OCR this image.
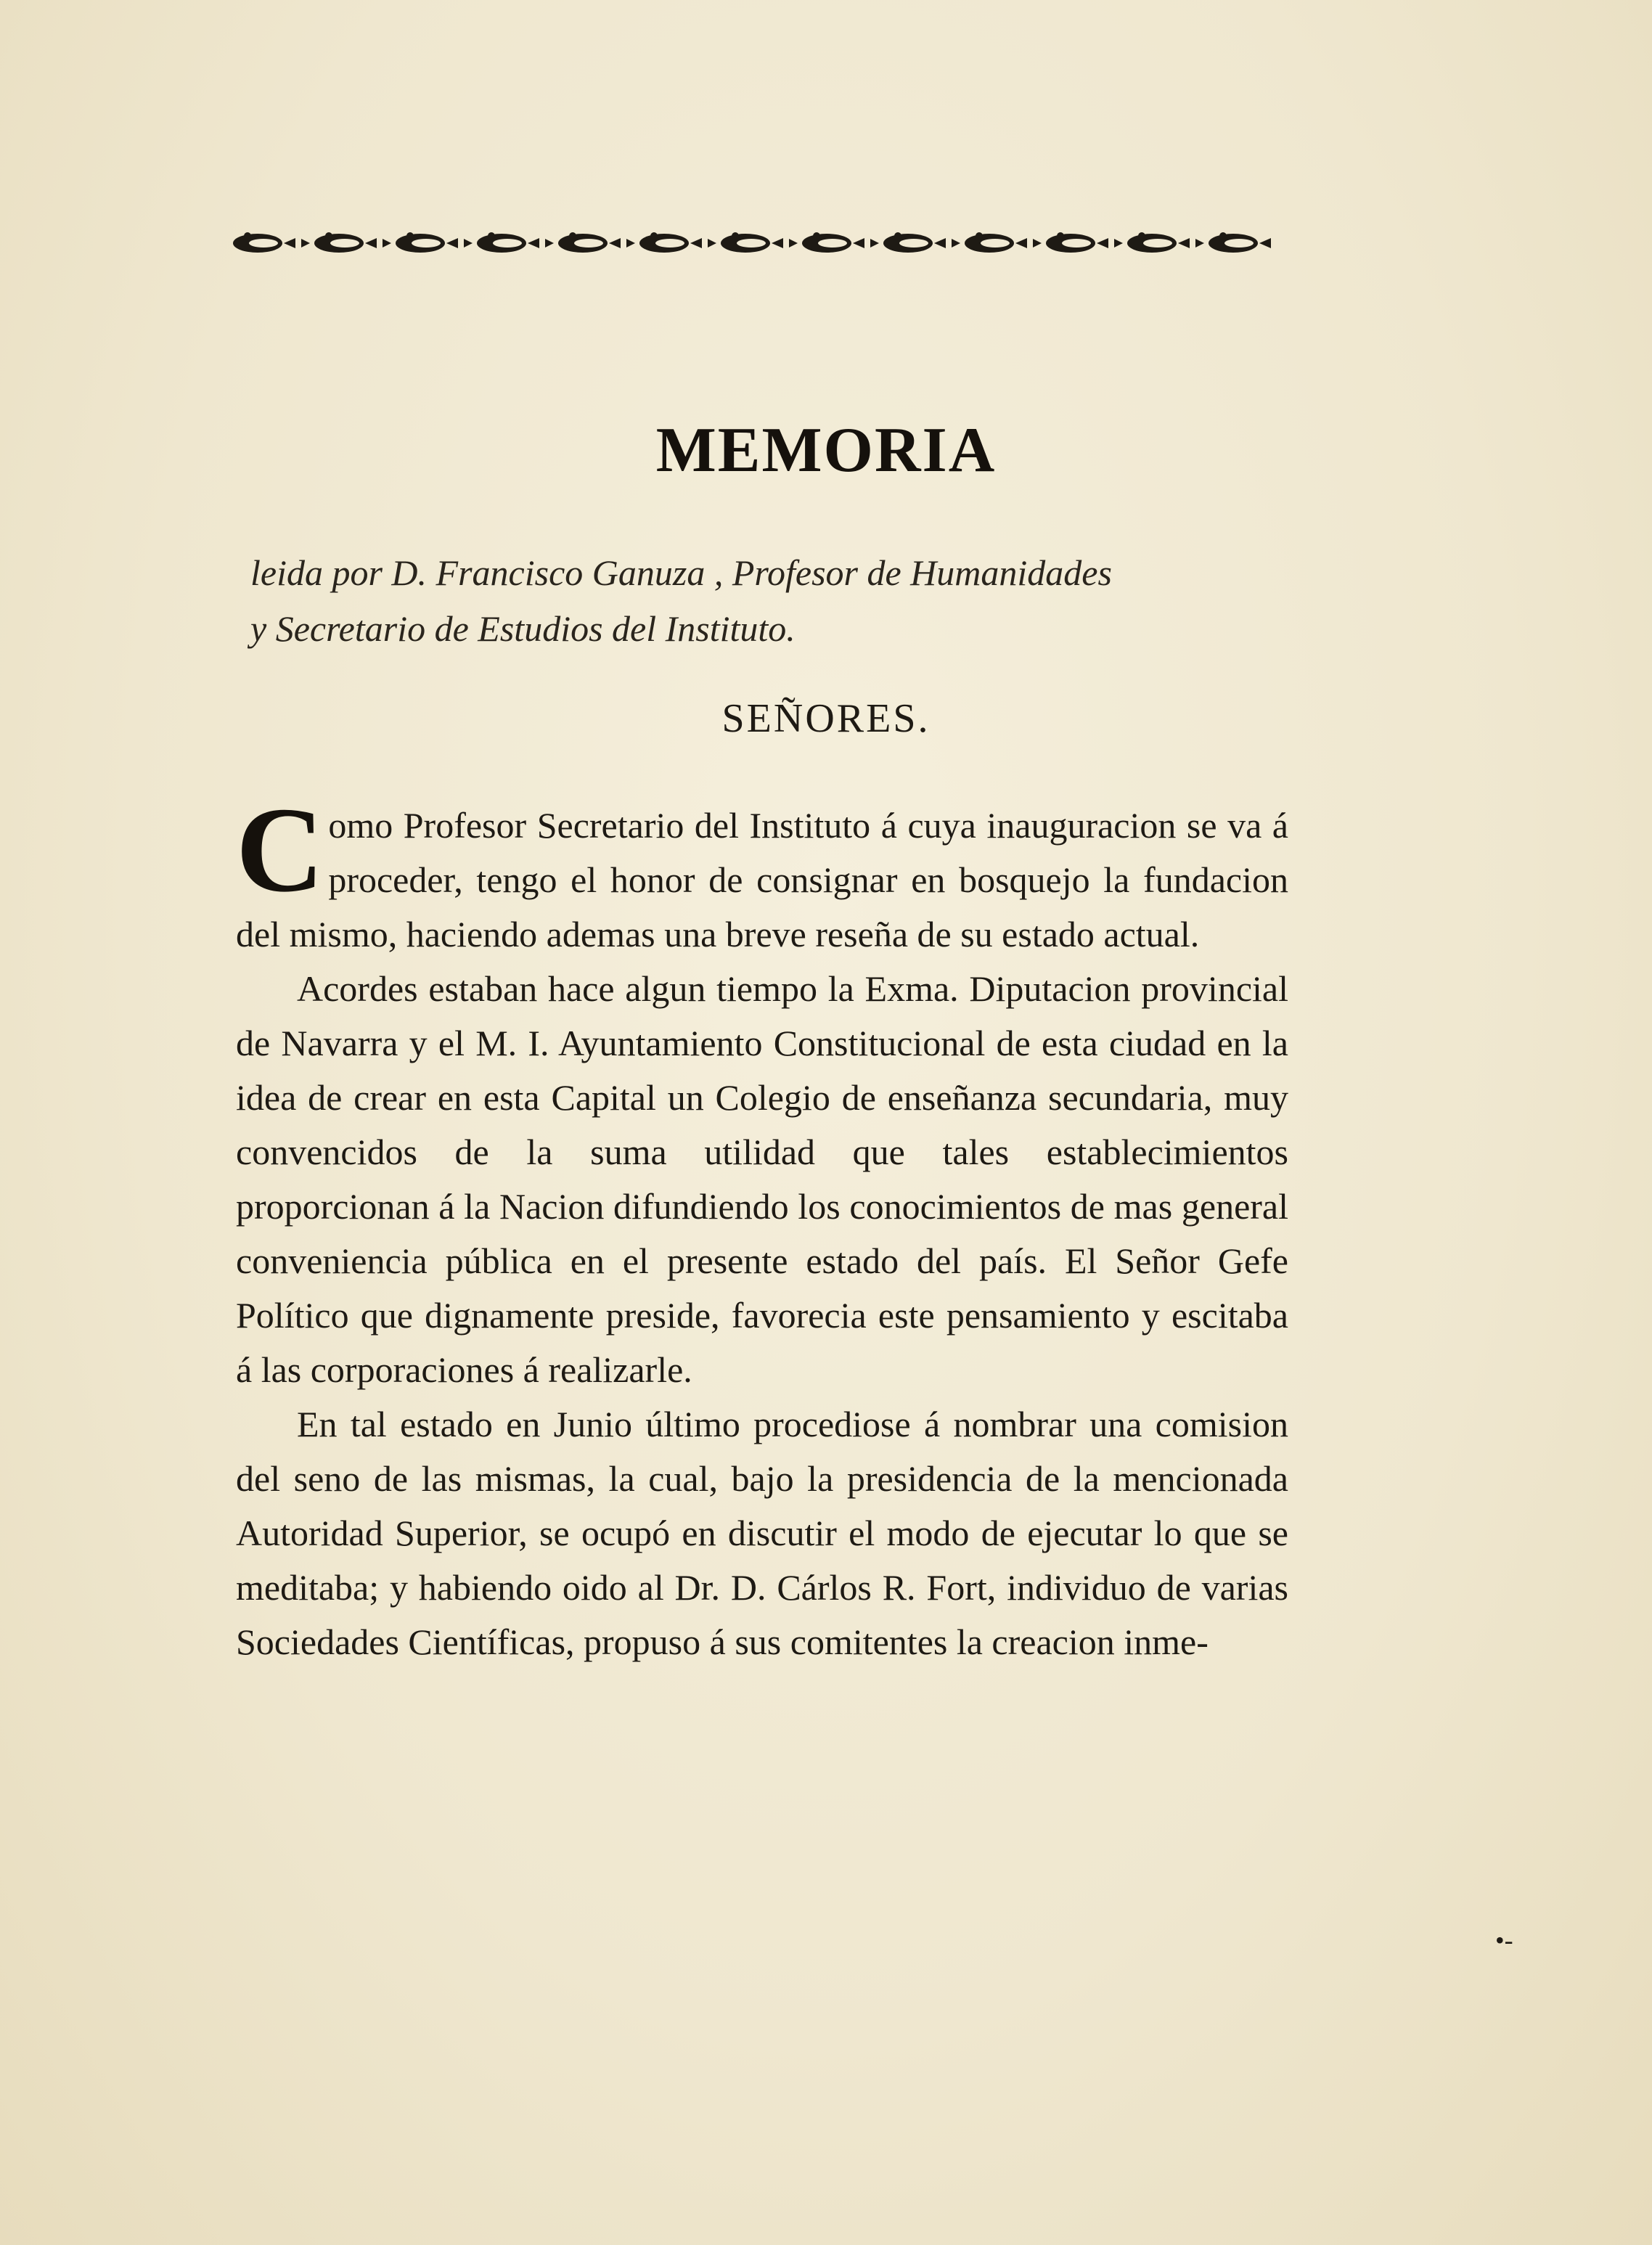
MEMORIA
leida por D. Francisco Ganuza , Profesor de Humanidades
y Secretario de Estudios del Instituto.
SEÑORES.

Como Profesor Secretario del Instituto á cuya inauguracion se va á proceder, tengo el honor de consignar en bosquejo la fundacion del mismo, haciendo ademas una breve reseña de su estado actual.

Acordes estaban hace algun tiempo la Exma. Diputacion provincial de Navarra y el M. I. Ayuntamiento Constitucional de esta ciudad en la idea de crear en esta Capital un Colegio de enseñanza secundaria, muy convencidos de la suma utilidad que tales establecimientos proporcionan á la Nacion difundiendo los conocimientos de mas general conveniencia pública en el presente estado del país. El Señor Gefe Político que dignamente preside, favorecia este pensamiento y escitaba á las corporaciones á realizarle.

En tal estado en Junio último procediose á nombrar una comision del seno de las mismas, la cual, bajo la presidencia de la mencionada Autoridad Superior, se ocupó en discutir el modo de ejecutar lo que se meditaba; y habiendo oido al Dr. D. Cárlos R. Fort, individuo de varias Sociedades Científicas, propuso á sus comitentes la creacion inme-

•-
